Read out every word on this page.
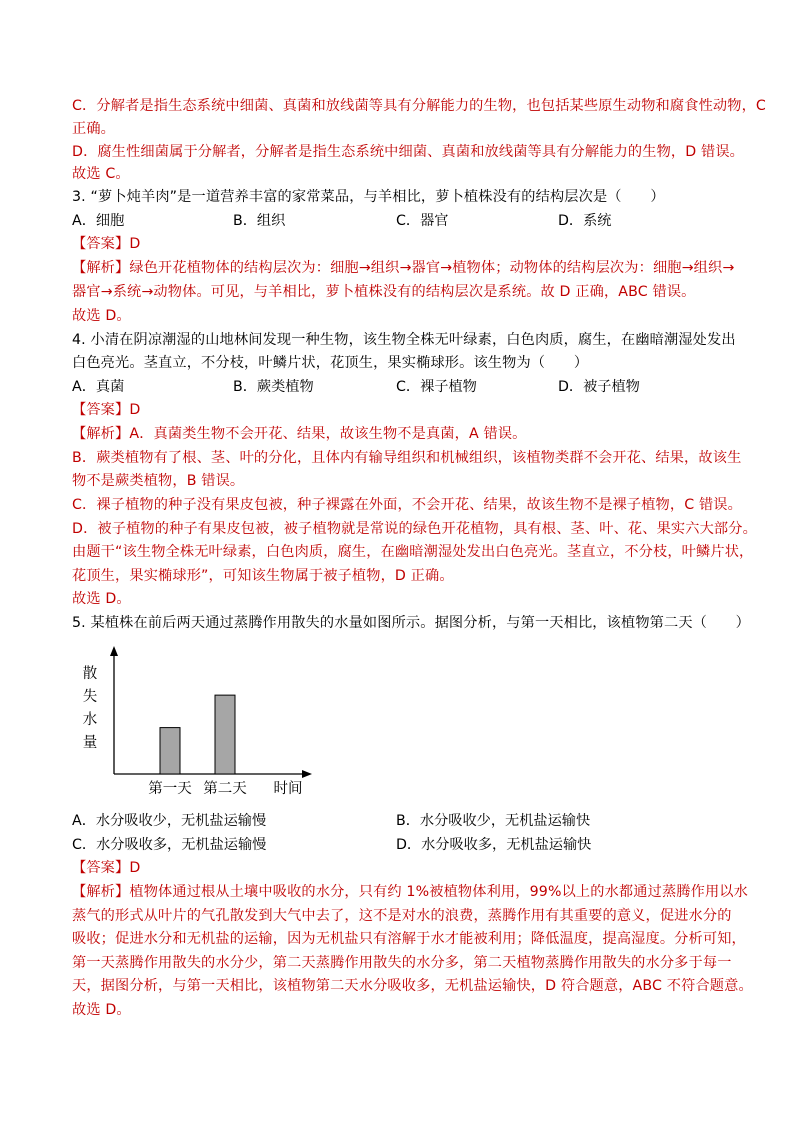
C．分解者是指生态系统中细菌、真菌和放线菌等具有分解能力的生物，也包括某些原生动物和腐食性动物，C
正确。
D．腐生性细菌属于分解者，分解者是指生态系统中细菌、真菌和放线菌等具有分解能力的生物，D 错误。
故选 C。
3. “萝卜炖羊肉”是一道营养丰富的家常菜品，与羊相比，萝卜植株没有的结构层次是（　　）
A．细胞	B．组织	C．器官	D．系统
【答案】D
【解析】绿色开花植物体的结构层次为：细胞→组织→器官→植物体；动物体的结构层次为：细胞→组织→
器官→系统→动物体。可见，与羊相比，萝卜植株没有的结构层次是系统。故 D 正确，ABC 错误。
故选 D。
4. 小清在阴凉潮湿的山地林间发现一种生物，该生物全株无叶绿素，白色肉质，腐生，在幽暗潮湿处发出
白色亮光。茎直立，不分枝，叶鳞片状，花顶生，果实椭球形。该生物为（　　）
A．真菌	B．蕨类植物	C．裸子植物	D．被子植物
【答案】D
【解析】A．真菌类生物不会开花、结果，故该生物不是真菌，A 错误。
B．蕨类植物有了根、茎、叶的分化，且体内有输导组织和机械组织，该植物类群不会开花、结果，故该生
物不是蕨类植物，B 错误。
C．裸子植物的种子没有果皮包被，种子裸露在外面，不会开花、结果，故该生物不是裸子植物，C 错误。
D．被子植物的种子有果皮包被，被子植物就是常说的绿色开花植物，具有根、茎、叶、花、果实六大部分。
由题干“该生物全株无叶绿素，白色肉质，腐生，在幽暗潮湿处发出白色亮光。茎直立，不分枝，叶鳞片状，
花顶生，果实椭球形”，可知该生物属于被子植物，D 正确。
故选 D。
5. 某植株在前后两天通过蒸腾作用散失的水量如图所示。据图分析，与第一天相比，该植物第二天（　　）
第一天 第二天
散
失
水
量
时间
A．水分吸收少，无机盐运输慢	B．水分吸收少，无机盐运输快
C．水分吸收多，无机盐运输慢	D．水分吸收多，无机盐运输快
【答案】D
【解析】植物体通过根从土壤中吸收的水分，只有约 1%被植物体利用，99%以上的水都通过蒸腾作用以水
蒸气的形式从叶片的气孔散发到大气中去了，这不是对水的浪费，蒸腾作用有其重要的意义，促进水分的
吸收；促进水分和无机盐的运输，因为无机盐只有溶解于水才能被利用；降低温度，提高湿度。分析可知，
第一天蒸腾作用散失的水分少，第二天蒸腾作用散失的水分多，第二天植物蒸腾作用散失的水分多于每一
天，据图分析，与第一天相比，该植物第二天水分吸收多，无机盐运输快，D 符合题意，ABC 不符合题意。
故选 D。
